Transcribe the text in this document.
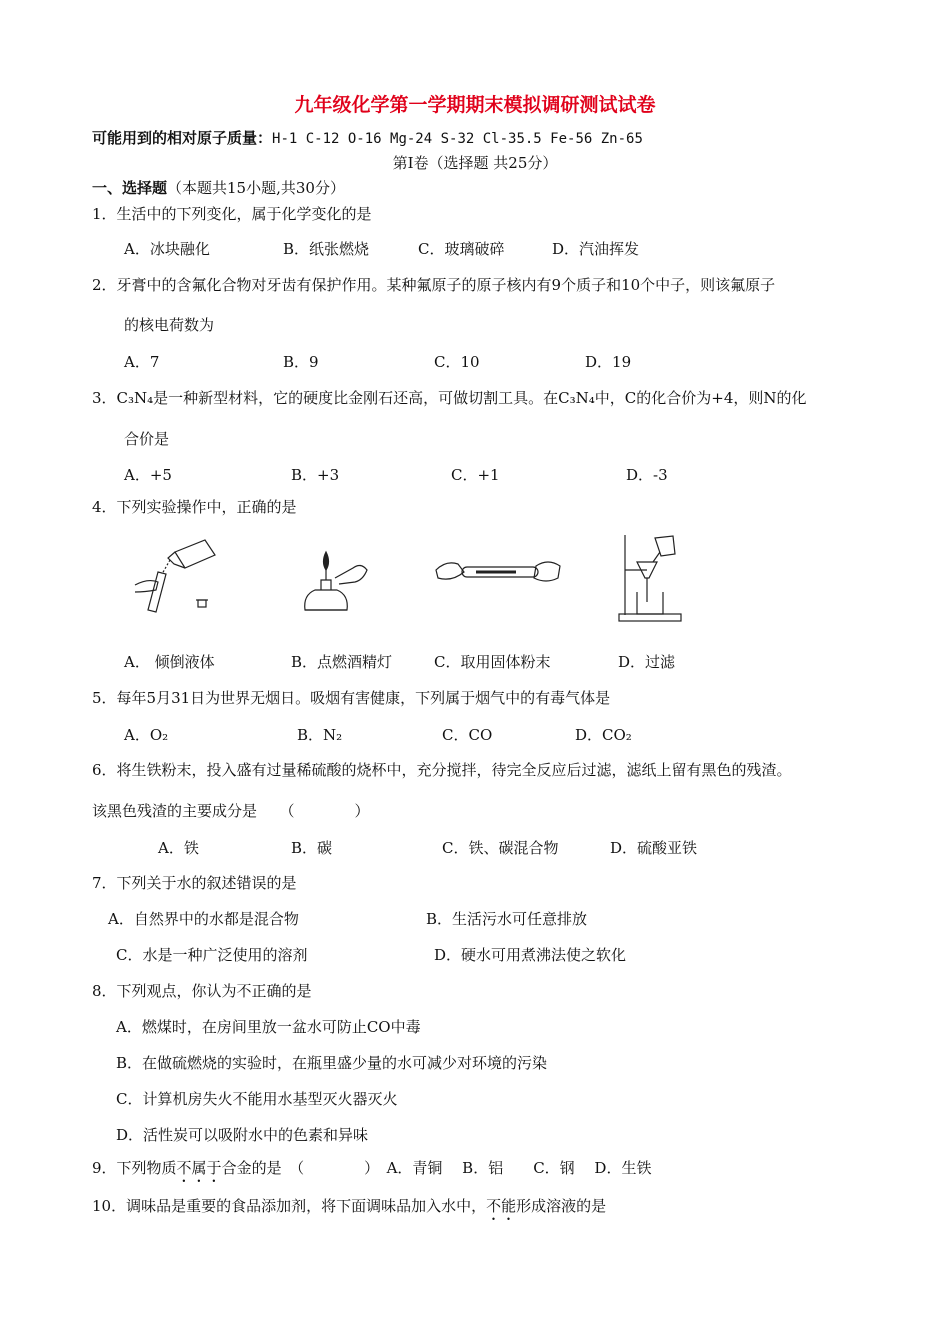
九年级化学第一学期期末模拟调研测试试卷
可能用到的相对原子质量：H-1 C-12 O-16 Mg-24 S-32 Cl-35.5 Fe-56 Zn-65
第Ⅰ卷（选择题 共25分）
一、选择题（本题共15小题,共30分）
1．生活中的下列变化，属于化学变化的是
A．冰块融化	B．纸张燃烧	C．玻璃破碎	D．汽油挥发
2．牙膏中的含氟化合物对牙齿有保护作用。某种氟原子的原子核内有9个质子和10个中子，则该氟原子
的核电荷数为
A．7	B．9	C．10	D．19
3．C₃N₄是一种新型材料，它的硬度比金刚石还高，可做切割工具。在C₃N₄中，C的化合价为+4，则N的化
合价是
A．+5	B．+3	C．+1	D．-3
4．下列实验操作中，正确的是
A． 倾倒液体	B．点燃酒精灯	C．取用固体粉末	D．过滤
5．每年5月31日为世界无烟日。吸烟有害健康，下列属于烟气中的有毒气体是
A．O₂	B．N₂	C．CO	D．CO₂
6．将生铁粉末，投入盛有过量稀硫酸的烧杯中，充分搅拌，待完全反应后过滤，滤纸上留有黑色的残渣。
该黑色残渣的主要成分是　　（　　　　）
A．铁	B．碳	C．铁、碳混合物	D．硫酸亚铁
7．下列关于水的叙述错误的是
A．自然界中的水都是混合物	B．生活污水可任意排放
C．水是一种广泛使用的溶剂	D．硬水可用煮沸法使之软化
8．下列观点，你认为不正确的是
A．燃煤时，在房间里放一盆水可防止CO中毒
B．在做硫燃烧的实验时，在瓶里盛少量的水可减少对环境的污染
C．计算机房失火不能用水基型灭火器灭火
D．活性炭可以吸附水中的色素和异味
9．下列物质不属于合金的是　（　　　　）　A．青铜　 B．铝　　C．钢　 D．生铁
10．调味品是重要的食品添加剂，将下面调味品加入水中，不能形成溶液的是
